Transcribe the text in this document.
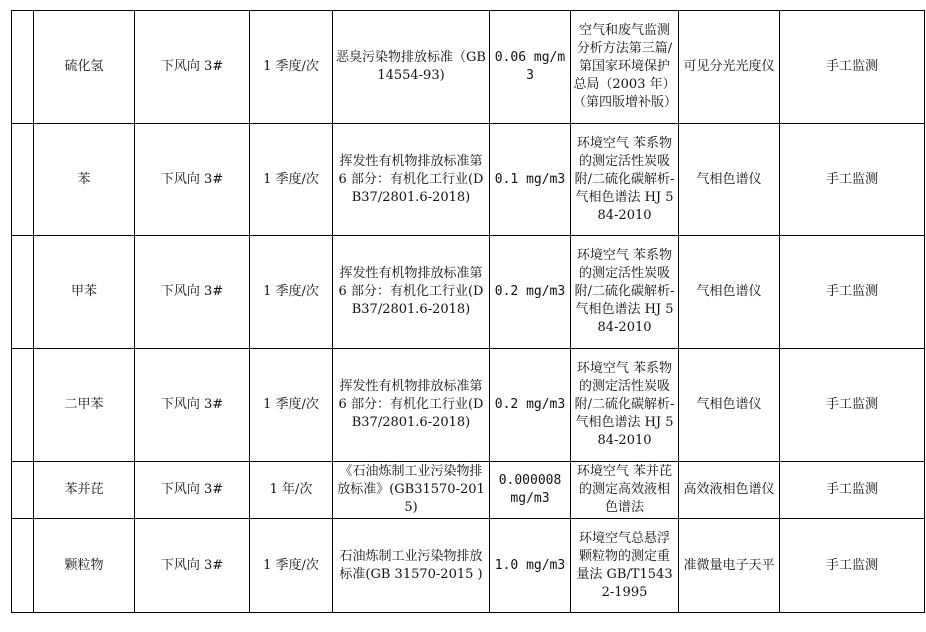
	硫化氢	下风向 3#	1 季度/次	恶臭污染物排放标准（GB14554-93)	0.06 mg/m3	空气和废气监测分析方法第三篇/第国家环境保护总局（2003 年）（第四版增补版）	可见分光光度仪	手工监测
	苯	下风向 3#	1 季度/次	挥发性有机物排放标准第 6 部分：有机化工行业(DB37/2801.6-2018)	0.1 mg/m3	环境空气 苯系物的测定活性炭吸附/二硫化碳解析-气相色谱法 HJ 584-2010	气相色谱仪	手工监测
	甲苯	下风向 3#	1 季度/次	挥发性有机物排放标准第 6 部分：有机化工行业(DB37/2801.6-2018)	0.2 mg/m3	环境空气 苯系物的测定活性炭吸附/二硫化碳解析-气相色谱法 HJ 584-2010	气相色谱仪	手工监测
	二甲苯	下风向 3#	1 季度/次	挥发性有机物排放标准第 6 部分：有机化工行业(DB37/2801.6-2018)	0.2 mg/m3	环境空气 苯系物的测定活性炭吸附/二硫化碳解析-气相色谱法 HJ 584-2010	气相色谱仪	手工监测
	苯并芘	下风向 3#	1 年/次	《石油炼制工业污染物排放标准》(GB31570-2015)	0.000008 mg/m3	环境空气 苯并芘的测定高效液相色谱法	高效液相色谱仪	手工监测
	颗粒物	下风向 3#	1 季度/次	石油炼制工业污染物排放标准(GB 31570-2015 )	1.0 mg/m3	环境空气总悬浮颗粒物的测定重量法 GB/T15432-1995	准微量电子天平	手工监测
